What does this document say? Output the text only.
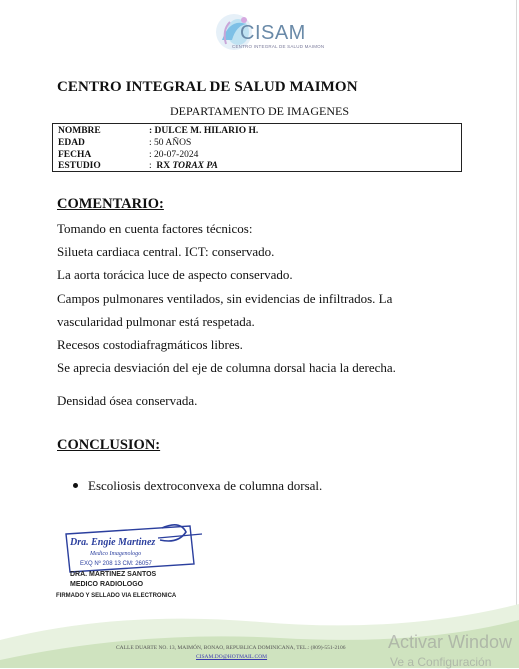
CISAM
CENTRO INTEGRAL DE SALUD MAIMON
CENTRO INTEGRAL DE SALUD MAIMON
DEPARTAMENTO DE IMAGENES
NOMBRE	: DULCE M. HILARIO H.
EDAD	: 50 AÑOS
FECHA	: 20-07-2024
ESTUDIO	: RX TORAX PA
COMENTARIO:
Tomando en cuenta factores técnicos:
Silueta cardiaca central. ICT: conservado.
La aorta torácica luce de aspecto conservado.
Campos pulmonares ventilados, sin evidencias de infiltrados. La
vascularidad pulmonar está respetada.
Recesos costodiafragmáticos libres.
Se aprecia desviación del eje de columna dorsal hacia la derecha.
Densidad ósea conservada.
CONCLUSION:
Escoliosis dextroconvexa de columna dorsal.
Dra. Engie Martinez
Medico Imagenologo
EXQ Nº 208 13 CM: 26057
DRA. MARTINEZ SANTOS
MEDICO RADIOLOGO
FIRMADO Y SELLADO VIA ELECTRONICA
CALLE DUARTE NO. 13, MAIMÓN, BONAO, REPUBLICA DOMINICANA, TEL.: (809)-551-2106
CISAM.DO@HOTMAIL.COM
Activar Window
Ve a Configuración
